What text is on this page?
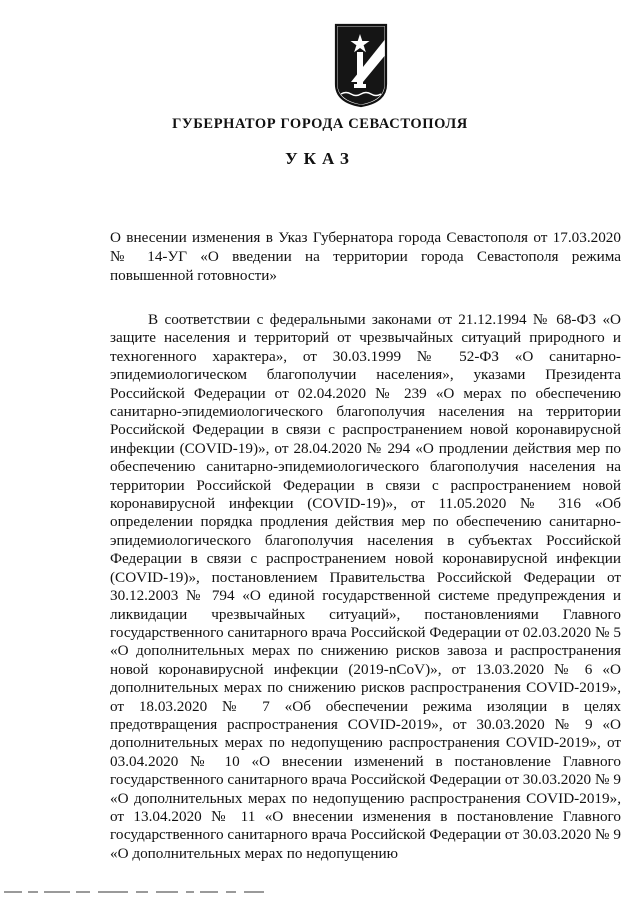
ГУБЕРНАТОР ГОРОДА СЕВАСТОПОЛЯ
УКАЗ
О внесении изменения в Указ Губернатора города Севастополя от 17.03.2020 № 14-УГ «О введении на территории города Севастополя режима повышенной готовности»

В соответствии с федеральными законами от 21.12.1994 № 68-ФЗ «О защите населения и территорий от чрезвычайных ситуаций природного и техногенного характера», от 30.03.1999 № 52-ФЗ «О санитарно-эпидемиологическом благополучии населения», указами Президента Российской Федерации от 02.04.2020 № 239 «О мерах по обеспечению санитарно-эпидемиологического благополучия населения на территории Российской Федерации в связи с распространением новой коронавирусной инфекции (COVID-19)», от 28.04.2020 № 294 «О продлении действия мер по обеспечению санитарно-эпидемиологического благополучия населения на территории Российской Федерации в связи с распространением новой коронавирусной инфекции (COVID-19)», от 11.05.2020 № 316 «Об определении порядка продления действия мер по обеспечению санитарно-эпидемиологического благополучия населения в субъектах Российской Федерации в связи с распространением новой коронавирусной инфекции (COVID-19)», постановлением Правительства Российской Федерации от 30.12.2003 № 794 «О единой государственной системе предупреждения и ликвидации чрезвычайных ситуаций», постановлениями Главного государственного санитарного врача Российской Федерации от 02.03.2020 № 5 «О дополнительных мерах по снижению рисков завоза и распространения новой коронавирусной инфекции (2019-nCoV)», от 13.03.2020 № 6 «О дополнительных мерах по снижению рисков распространения COVID-2019», от 18.03.2020 № 7 «Об обеспечении режима изоляции в целях предотвращения распространения COVID-2019», от 30.03.2020 № 9 «О дополнительных мерах по недопущению распространения COVID-2019», от 03.04.2020 № 10 «О внесении изменений в постановление Главного государственного санитарного врача Российской Федерации от 30.03.2020 № 9 «О дополнительных мерах по недопущению распространения COVID-2019», от 13.04.2020 № 11 «О внесении изменения в постановление Главного государственного санитарного врача Российской Федерации от 30.03.2020 № 9 «О дополнительных мерах по недопущению
